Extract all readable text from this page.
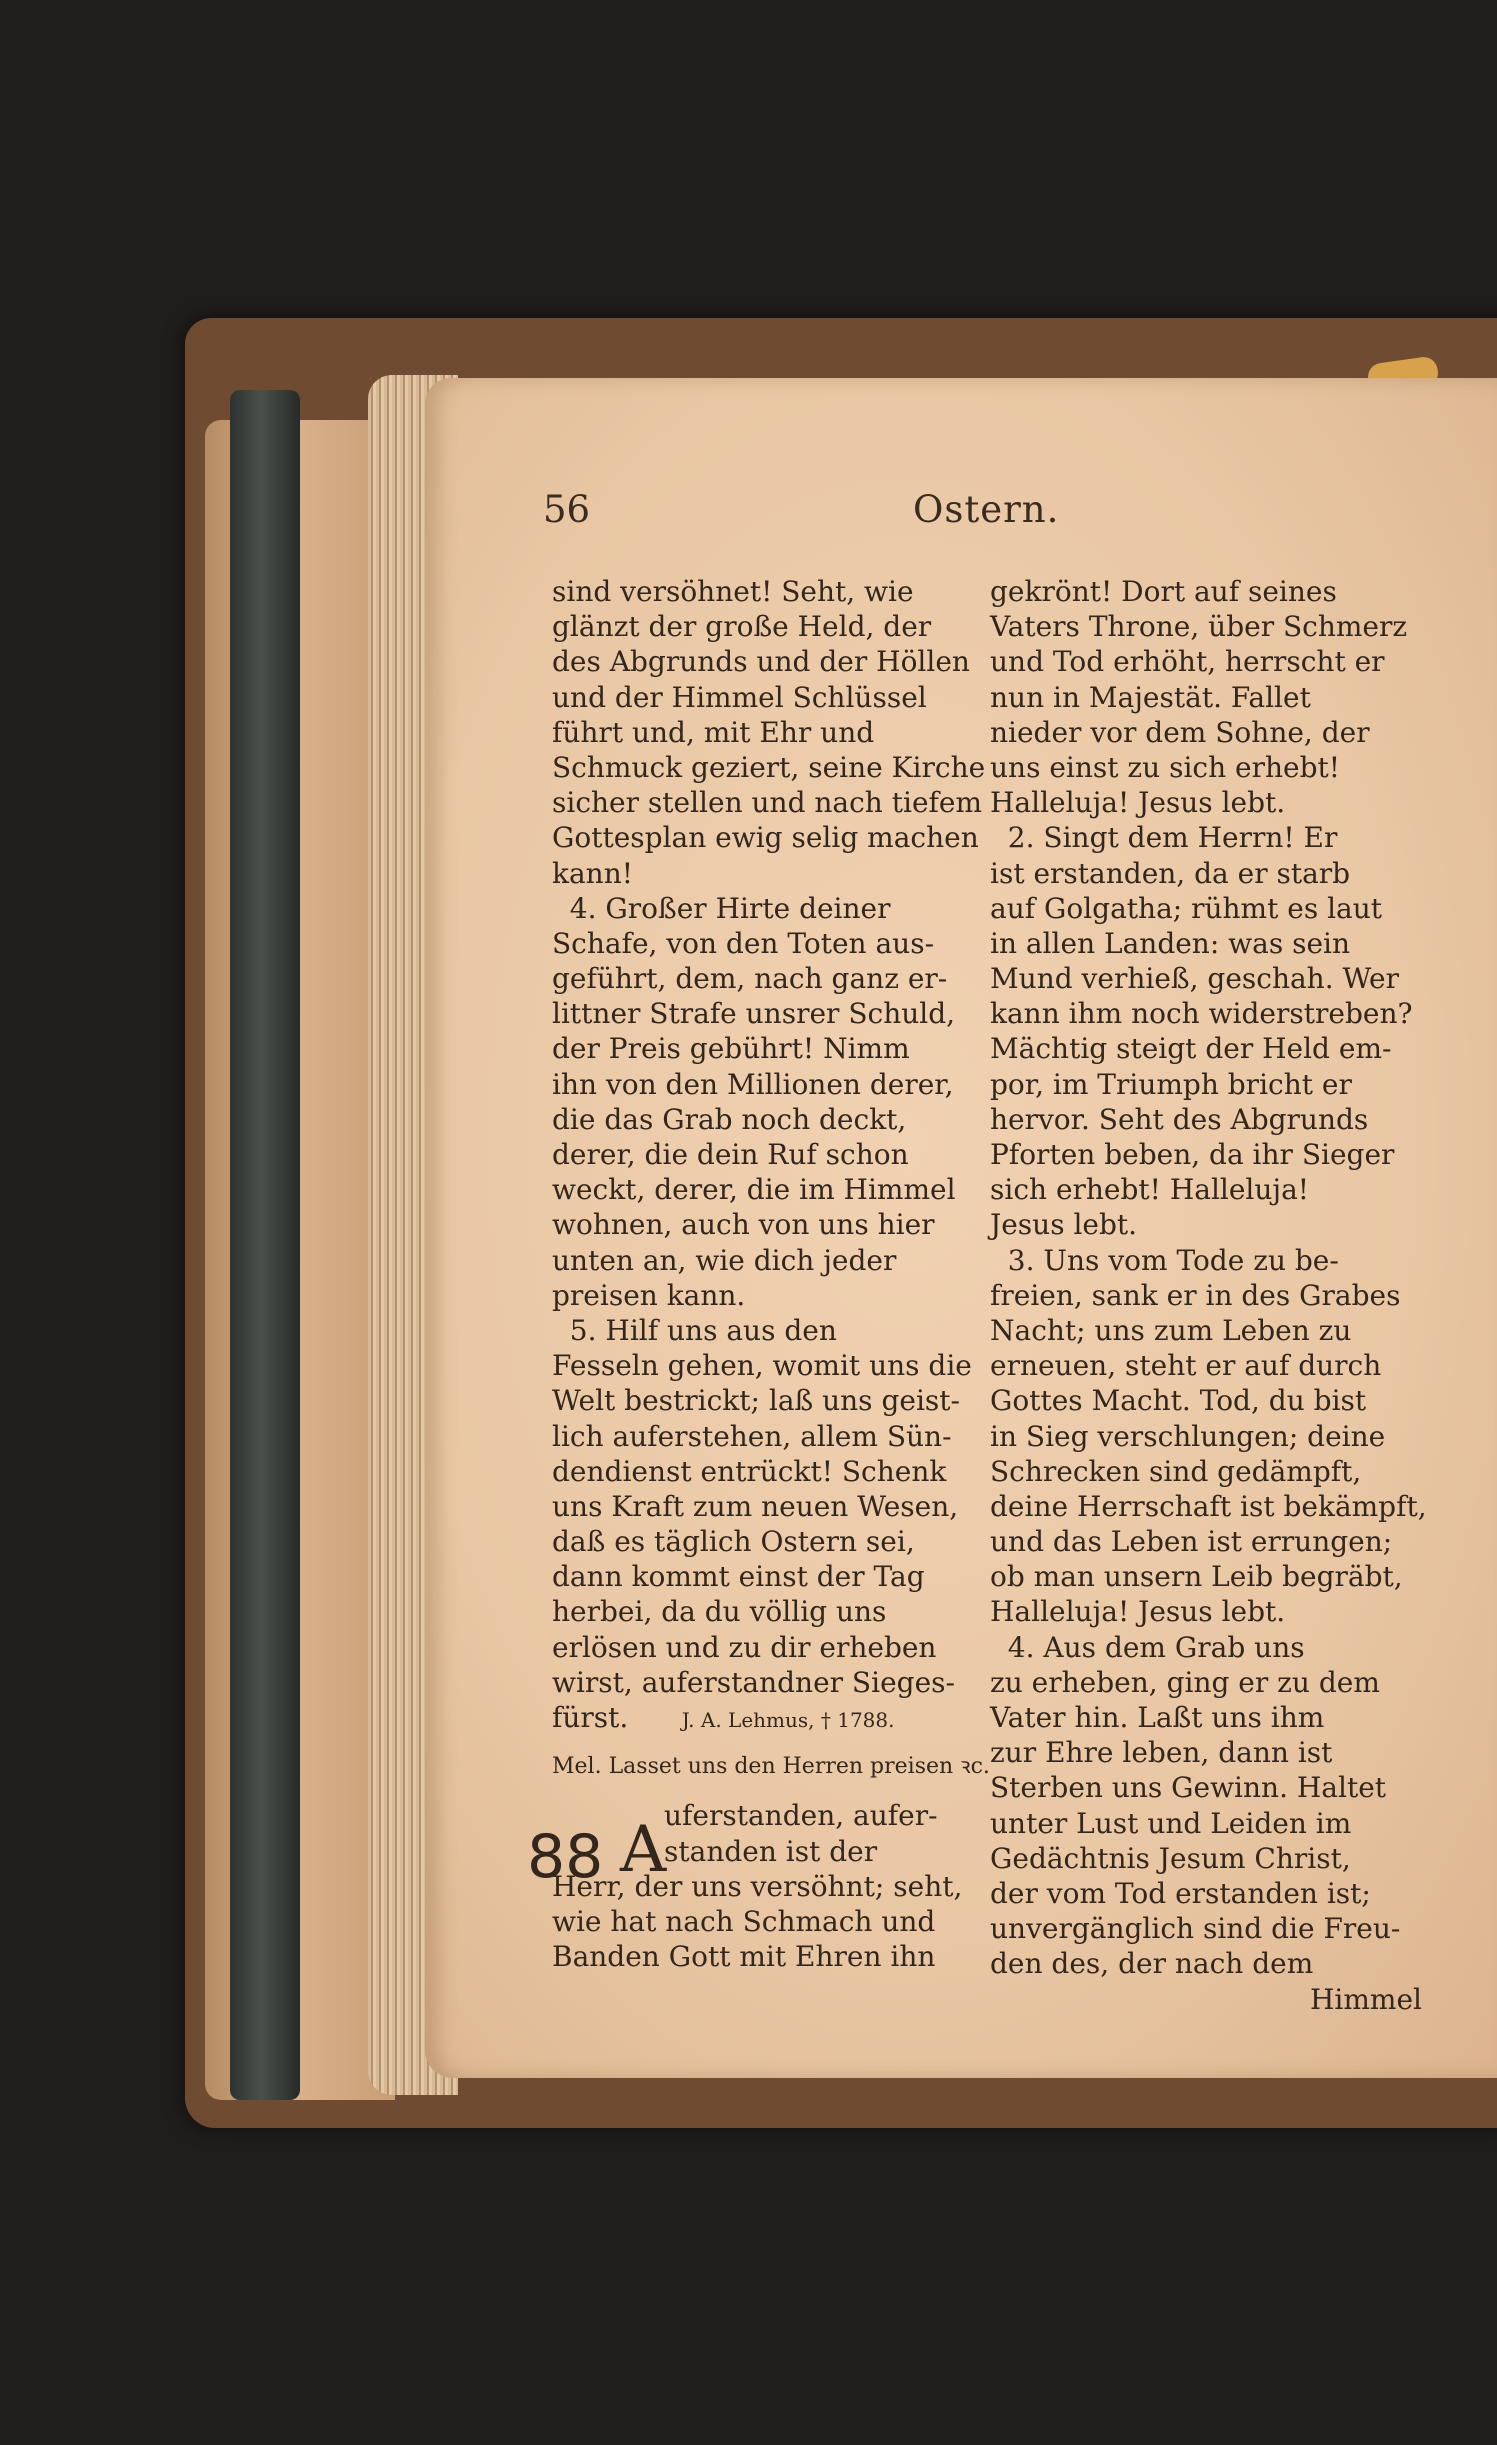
56	Ostern.
sind versöhnet! Seht, wie
glänzt der große Held, der
des Abgrunds und der Höllen
und der Himmel Schlüssel
führt und, mit Ehr und
Schmuck geziert, seine Kirche
sicher stellen und nach tiefem
Gottesplan ewig selig machen
kann!
4. Großer Hirte deiner
Schafe, von den Toten aus-
geführt, dem, nach ganz er-
littner Strafe unsrer Schuld,
der Preis gebührt! Nimm
ihn von den Millionen derer,
die das Grab noch deckt,
derer, die dein Ruf schon
weckt, derer, die im Himmel
wohnen, auch von uns hier
unten an, wie dich jeder
preisen kann.
5. Hilf uns aus den
Fesseln gehen, womit uns die
Welt bestrickt; laß uns geist-
lich auferstehen, allem Sün-
dendienst entrückt! Schenk
uns Kraft zum neuen Wesen,
daß es täglich Ostern sei,
dann kommt einst der Tag
herbei, da du völlig uns
erlösen und zu dir erheben
wirst, auferstandner Sieges-
fürst.      J. A. Lehmus, † 1788.
Mel. Lasset uns den Herren preisen ꝛc.
uferstanden, aufer-
standen ist der
Herr, der uns versöhnt; seht,
wie hat nach Schmach und
Banden Gott mit Ehren ihn
gekrönt! Dort auf seines
Vaters Throne, über Schmerz
und Tod erhöht, herrscht er
nun in Majestät. Fallet
nieder vor dem Sohne, der
uns einst zu sich erhebt!
Halleluja! Jesus lebt.
2. Singt dem Herrn! Er
ist erstanden, da er starb
auf Golgatha; rühmt es laut
in allen Landen: was sein
Mund verhieß, geschah. Wer
kann ihm noch widerstreben?
Mächtig steigt der Held em-
por, im Triumph bricht er
hervor. Seht des Abgrunds
Pforten beben, da ihr Sieger
sich erhebt! Halleluja!
Jesus lebt.
3. Uns vom Tode zu be-
freien, sank er in des Grabes
Nacht; uns zum Leben zu
erneuen, steht er auf durch
Gottes Macht. Tod, du bist
in Sieg verschlungen; deine
Schrecken sind gedämpft,
deine Herrschaft ist bekämpft,
und das Leben ist errungen;
ob man unsern Leib begräbt,
Halleluja! Jesus lebt.
4. Aus dem Grab uns
zu erheben, ging er zu dem
Vater hin. Laßt uns ihm
zur Ehre leben, dann ist
Sterben uns Gewinn. Haltet
unter Lust und Leiden im
Gedächtnis Jesum Christ,
der vom Tod erstanden ist;
unvergänglich sind die Freu-
den des, der nach dem
Himmel
88 A
